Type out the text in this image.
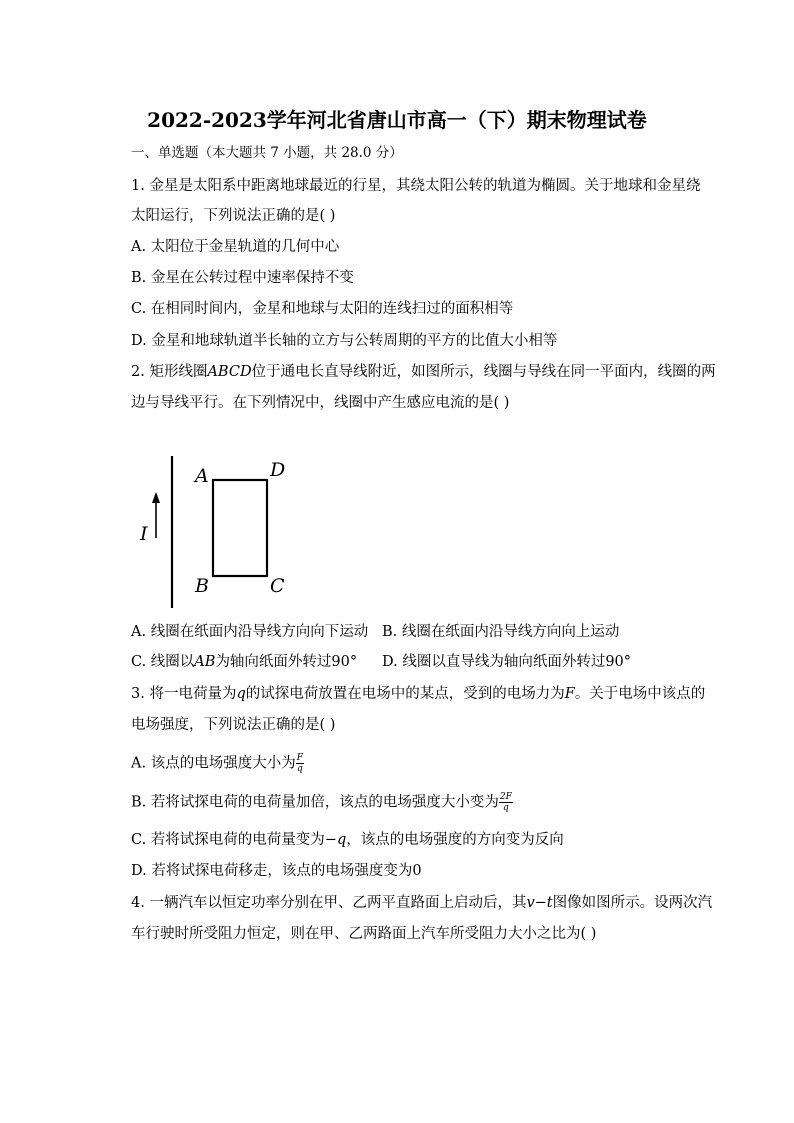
2022-2023学年河北省唐山市高一（下）期末物理试卷
一、单选题（本大题共 7 小题，共 28.0 分）
1. 金星是太阳系中距离地球最近的行星，其绕太阳公转的轨道为椭圆。关于地球和金星绕
太阳运行，下列说法正确的是( )
A. 太阳位于金星轨道的几何中心
B. 金星在公转过程中速率保持不变
C. 在相同时间内，金星和地球与太阳的连线扫过的面积相等
D. 金星和地球轨道半长轴的立方与公转周期的平方的比值大小相等
2. 矩形线圈ABCD位于通电长直导线附近，如图所示，线圈与导线在同一平面内，线圈的两
边与导线平行。在下列情况中，线圈中产生感应电流的是( )
I
A	D
B	C
A. 线圈在纸面内沿导线方向向下运动 B. 线圈在纸面内沿导线方向向上运动
C. 线圈以AB为轴向纸面外转过90° D. 线圈以直导线为轴向纸面外转过90°
3. 将一电荷量为q的试探电荷放置在电场中的某点，受到的电场力为F。关于电场中该点的
电场强度，下列说法正确的是( )
A. 该点的电场强度大小为 $\frac{F}{q}$
B. 若将试探电荷的电荷量加倍，该点的电场强度大小变为 $\frac{2F}{q}$
C. 若将试探电荷的电荷量变为−q，该点的电场强度的方向变为反向
D. 若将试探电荷移走，该点的电场强度变为0
4. 一辆汽车以恒定功率分别在甲、乙两平直路面上启动后，其v−t图像如图所示。设两次汽
车行驶时所受阻力恒定，则在甲、乙两路面上汽车所受阻力大小之比为( )
